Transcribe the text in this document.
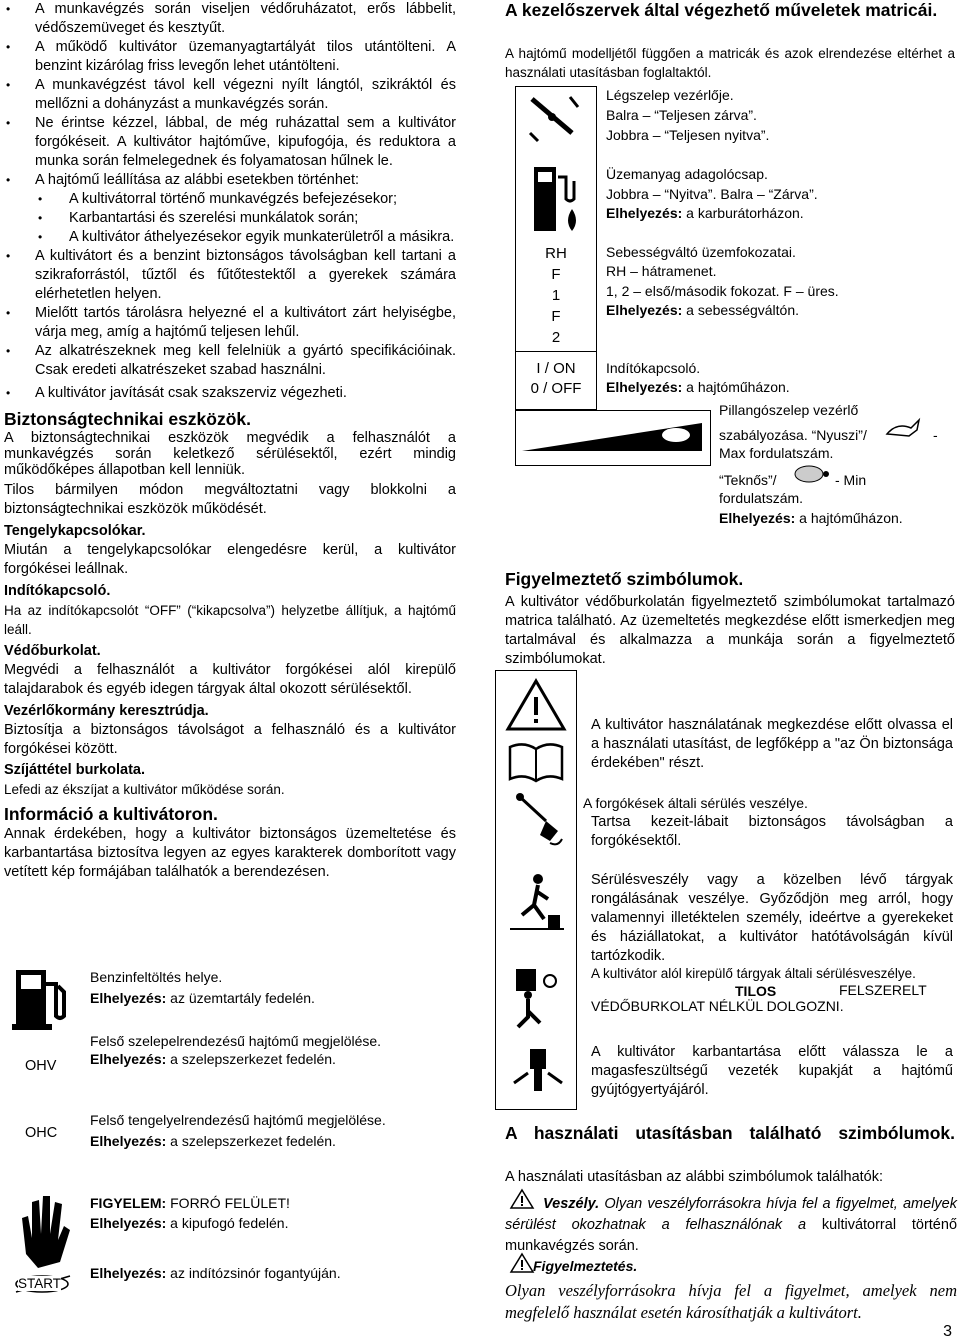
• A munkavégzés során viseljen védőruházatot, erős lábbelit, védőszemüveget és kesztyűt.

• A működő kultivátor üzemanyagtartályát tilos utántölteni. A benzint kizárólag friss levegőn lehet utántölteni.

• A munkavégzést távol kell végezni nyílt lángtól, szikráktól és mellőzni a dohányzást a munkavégzés során.

• Ne érintse kézzel, lábbal, de még ruházattal sem a kultivátor forgókéseit. A kultivátor hajtóműve, kipufogója, és reduktora a munka során felmelegednek és folyamatosan hűlnek le.

• A hajtómű leállítása az alábbi esetekben történhet:

• A kultivátorral történő munkavégzés befejezésekor;

• Karbantartási és szerelési munkálatok során;

• A kultivátor áthelyezésekor egyik munkaterületről a másikra.

• A kultivátort és a benzint biztonságos távolságban kell tartani a szikraforrástól, tűztől és fűtőtestektől a gyerekek számára elérhetetlen helyen.

• Mielőtt tartós tárolásra helyezné el a kultivátort zárt helyiségbe, várja meg, amíg a hajtómű teljesen lehűl.

• Az alkatrészeknek meg kell felelniük a gyártó specifikációinak. Csak eredeti alkatrészeket szabad használni.

• A kultivátor javítását csak szakszerviz végezheti.

Biztonságtechnikai eszközök.

A biztonságtechnikai eszközök megvédik a felhasználót a munkavégzés során keletkező sérülésektől, ezért mindig működőképes állapotban kell lenniük.

Tilos bármilyen módon megváltoztatni vagy blokkolni a biztonságtechnikai eszközök működését.

Tengelykapcsolókar.

Miután a tengelykapcsolókar elengedésre kerül, a kultivátor forgókései leállnak.

Indítókapcsoló.

Ha az indítókapcsolót “OFF” (“kikapcsolva”) helyzetbe állítjuk, a hajtómű leáll.

Védőburkolat.

Megvédi a felhasználót a kultivátor forgókései alól kirepülő talajdarabok és egyéb idegen tárgyak által okozott sérülésektől.

Vezérlőkormány keresztrúdja.

Biztosítja a biztonságos távolságot a felhasználó és a kultivátor forgókései között.

Szíjáttétel burkolata.

Lefedi az ékszíjat a kultivátor működése során.

Információ a kultivátoron.

Annak érdekében, hogy a kultivátor biztonságos üzemeltetése és karbantartása biztosítva legyen az egyes karakterek domborított vagy vetített kép formájában találhatók a berendezésen.

Benzinfeltöltés helye.
Elhelyezés: az üzemtartály fedelén.
OHV
Felső szelepelrendezésű hajtómű megjelölése.
Elhelyezés: a szelepszerkezet fedelén.
OHC
Felső tengelyelrendezésű hajtómű megjelölése.
Elhelyezés: a szelepszerkezet fedelén.
START
FIGYELEM: FORRÓ FELÜLET!
Elhelyezés: a kipufogó fedelén.
Elhelyezés: az indítózsinór fogantyúján.
A kezelőszervek által végezhető műveletek matricái.

A hajtómű modelljétől függően a matricák és azok elrendezése eltérhet a használati utasításban foglaltaktól.

RH
F
1
F
2
I / ON
0 / OFF
Légszelep vezérlője.
Balra – “Teljesen zárva”.
Jobbra – “Teljesen nyitva”.
Üzemanyag adagolócsap.
Jobbra – “Nyitva”. Balra – “Zárva”.
Elhelyezés: a karburátorházon.
Sebességváltó üzemfokozatai.
RH – hátramenet.
1, 2 – első/második fokozat. F – üres.
Elhelyezés: a sebességváltón.
Indítókapcsoló.
Elhelyezés: a hajtóműházon.
Pillangószelep vezérlő
szabályozása. “Nyuszi”/	-
Max fordulatszám.
“Teknős”/	- Min
fordulatszám.
Elhelyezés: a hajtóműházon.
Figyelmeztető szimbólumok.

A kultivátor védőburkolatán figyelmeztető szimbólumokat tartalmazó matrica található. Az üzemeltetés megkezdése előtt ismerkedjen meg tartalmával és alkalmazza a munkája során a figyelmeztető szimbólumokat.

A kultivátor használatának megkezdése előtt olvassa el a használati utasítást, de legfőképp a "az Ön biztonsága érdekében" részt.

A forgókések általi sérülés veszélye.

Tartsa kezeit-lábait biztonságos távolságban a forgókésektől.

Sérülésveszély vagy a közelben lévő tárgyak rongálásának veszélye. Győződjön meg arról, hogy valamennyi illetéktelen személy, ideértve a gyerekeket és háziállatokat, a kultivátor hatótávolságán kívül tartózkodik.

A kultivátor alól kirepülő tárgyak általi sérülésveszélye.

TILOS	FELSZERELT VÉDŐBURKOLAT NÉLKÜL DOLGOZNI.

A kultivátor karbantartása előtt válassza le a magasfeszültségű vezeték kupakját a hajtómű gyújtógyertyájáról.

A használati utasításban található szimbólumok.

A használati utasításban az alábbi szimbólumok találhatók:

Veszély. Olyan veszélyforrásokra hívja fel a figyelmet, amelyek sérülést okozhatnak a felhasználónak a kultivátorral történő munkavégzés során.

Figyelmeztetés.

Olyan veszélyforrásokra hívja fel a figyelmet, amelyek nem megfelelő használat esetén károsíthatják a kultivátort.

3
